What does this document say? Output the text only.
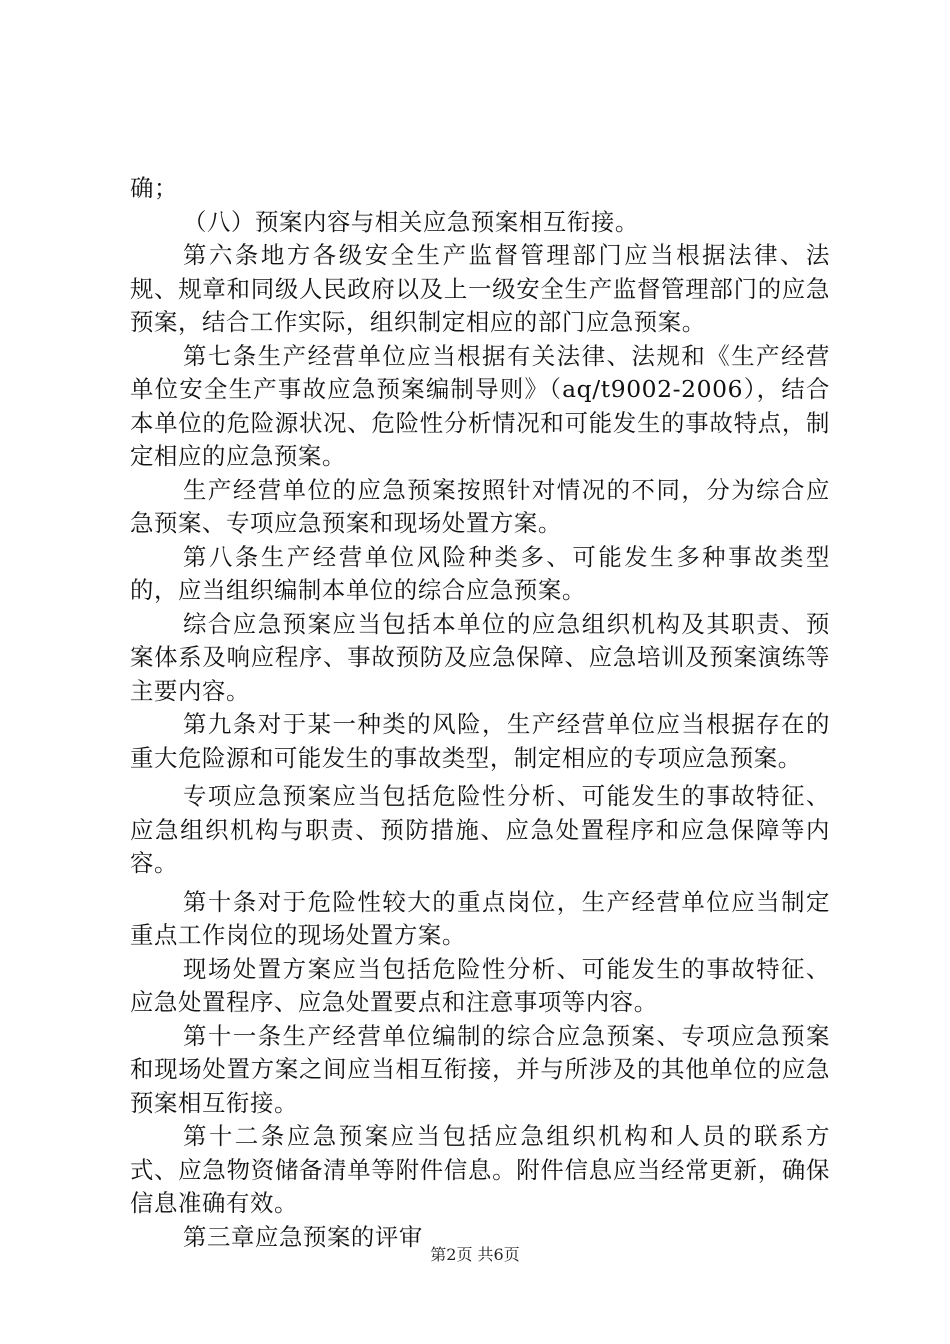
确；

（八）预案内容与相关应急预案相互衔接。

第六条地方各级安全生产监督管理部门应当根据法律、法规、规章和同级人民政府以及上一级安全生产监督管理部门的应急预案，结合工作实际，组织制定相应的部门应急预案。

第七条生产经营单位应当根据有关法律、法规和《生产经营单位安全生产事故应急预案编制导则》（aq/t9002-2006），结合本单位的危险源状况、危险性分析情况和可能发生的事故特点，制定相应的应急预案。

生产经营单位的应急预案按照针对情况的不同，分为综合应急预案、专项应急预案和现场处置方案。

第八条生产经营单位风险种类多、可能发生多种事故类型的，应当组织编制本单位的综合应急预案。

综合应急预案应当包括本单位的应急组织机构及其职责、预案体系及响应程序、事故预防及应急保障、应急培训及预案演练等主要内容。

第九条对于某一种类的风险，生产经营单位应当根据存在的重大危险源和可能发生的事故类型，制定相应的专项应急预案。

专项应急预案应当包括危险性分析、可能发生的事故特征、应急组织机构与职责、预防措施、应急处置程序和应急保障等内容。

第十条对于危险性较大的重点岗位，生产经营单位应当制定重点工作岗位的现场处置方案。

现场处置方案应当包括危险性分析、可能发生的事故特征、应急处置程序、应急处置要点和注意事项等内容。

第十一条生产经营单位编制的综合应急预案、专项应急预案和现场处置方案之间应当相互衔接，并与所涉及的其他单位的应急预案相互衔接。

第十二条应急预案应当包括应急组织机构和人员的联系方式、应急物资储备清单等附件信息。附件信息应当经常更新，确保信息准确有效。

第三章应急预案的评审

第2页 共6页
